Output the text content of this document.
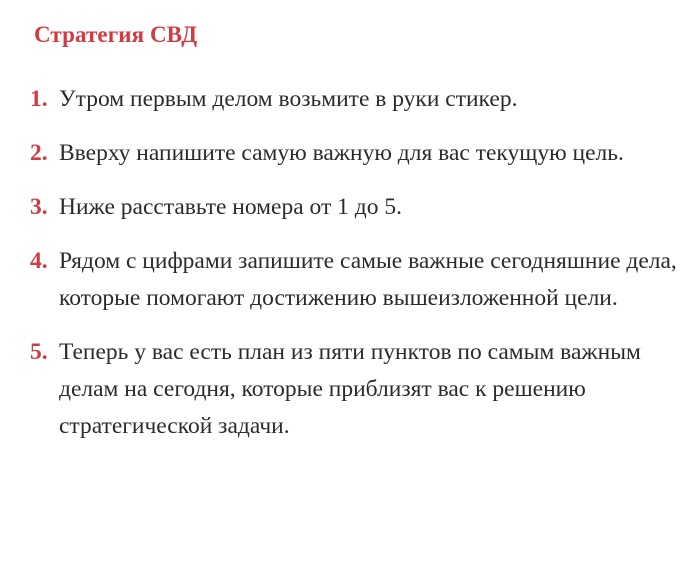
Стратегия СВД
1. Утром первым делом возьмите в руки стикер.
2. Вверху напишите самую важную для вас текущую цель.
3. Ниже расставьте номера от 1 до 5.
4. Рядом с цифрами запишите самые важные сегодняшние дела, которые помогают достижению вышеизложенной цели.
5. Теперь у вас есть план из пяти пунктов по самым важным делам на сегодня, которые приблизят вас к решению стратегической задачи.
